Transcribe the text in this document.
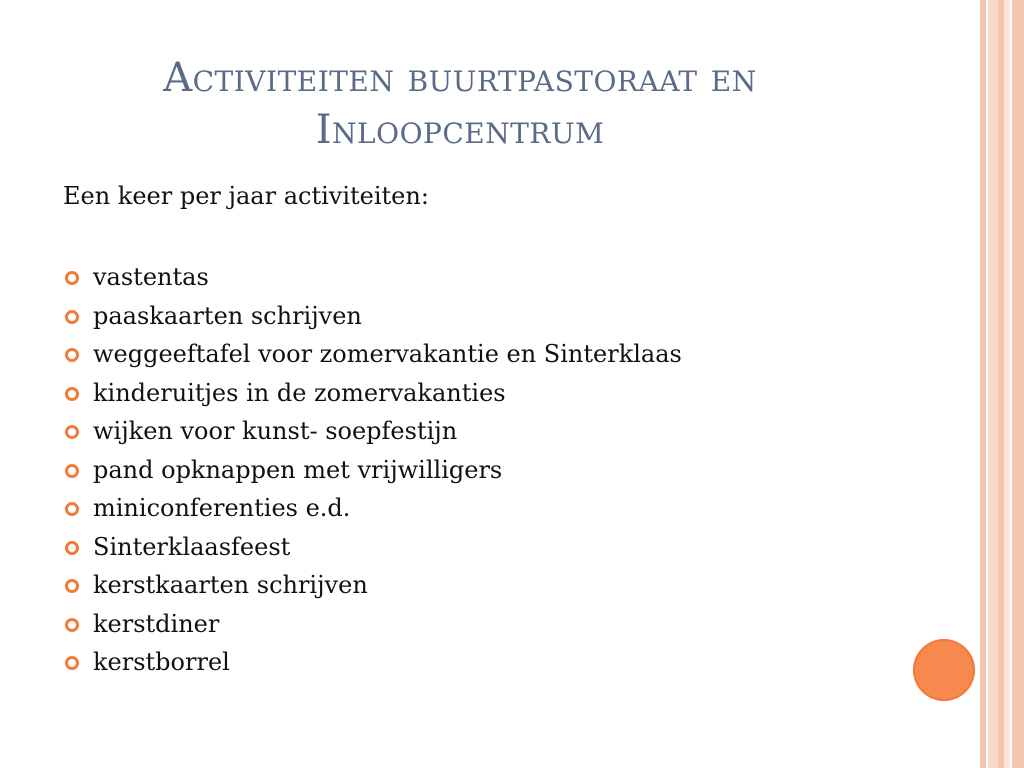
Activiteiten buurtpastoraat en
Inloopcentrum
Een keer per jaar activiteiten:
vastentas
paaskaarten schrijven
weggeeftafel voor zomervakantie en Sinterklaas
kinderuitjes in de zomervakanties
wijken voor kunst- soepfestijn
pand opknappen met vrijwilligers
miniconferenties e.d.
Sinterklaasfeest
kerstkaarten schrijven
kerstdiner
kerstborrel
